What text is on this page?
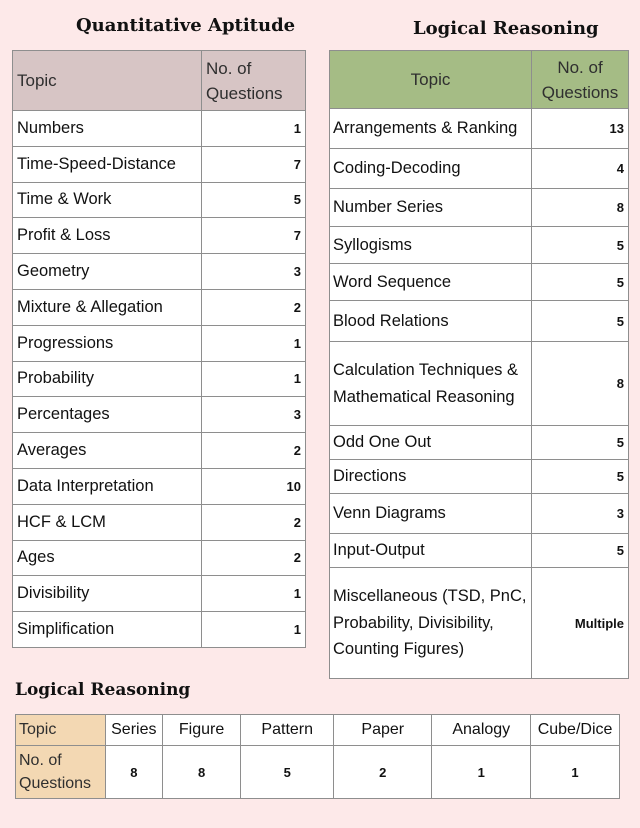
Quantitative Aptitude	Logical Reasoning
Topic	No. of Questions
Numbers	1
Time-Speed-Distance	7
Time & Work	5
Profit & Loss	7
Geometry	3
Mixture & Allegation	2
Progressions	1
Probability	1
Percentages	3
Averages	2
Data Interpretation	10
HCF & LCM	2
Ages	2
Divisibility	1
Simplification	1
Topic	No. of Questions
Arrangements & Ranking	13
Coding-Decoding	4
Number Series	8
Syllogisms	5
Word Sequence	5
Blood Relations	5
Calculation Techniques & Mathematical Reasoning	8
Odd One Out	5
Directions	5
Venn Diagrams	3
Input-Output	5
Miscellaneous (TSD, PnC, Probability, Divisibility, Counting Figures)	Multiple
Logical Reasoning
Topic	Series	Figure	Pattern	Paper	Analogy	Cube/Dice
No. of Questions	8	8	5	2	1	1
